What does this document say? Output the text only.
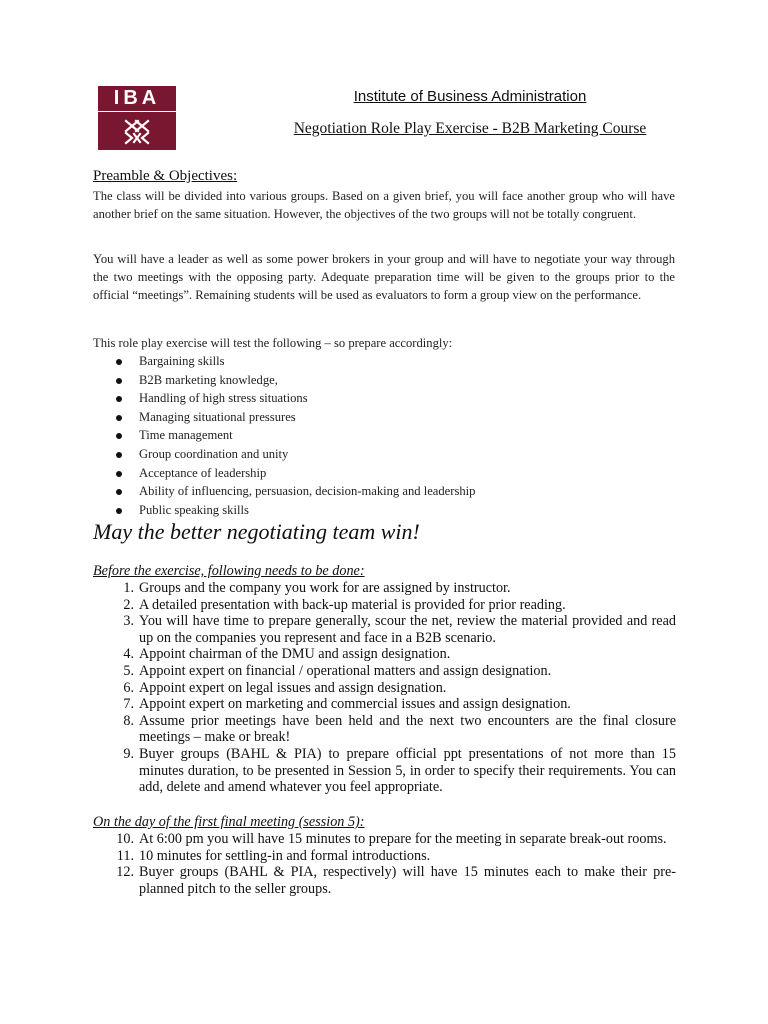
IBA	Institute of Business Administration
Negotiation Role Play Exercise - B2B Marketing Course
Preamble & Objectives:
The class will be divided into various groups. Based on a given brief, you will face another group who will have another brief on the same situation. However, the objectives of the two groups will not be totally congruent.
You will have a leader as well as some power brokers in your group and will have to negotiate your way through the two meetings with the opposing party. Adequate preparation time will be given to the groups prior to the official “meetings”. Remaining students will be used as evaluators to form a group view on the performance.
This role play exercise will test the following – so prepare accordingly:
Bargaining skills
B2B marketing knowledge,
Handling of high stress situations
Managing situational pressures
Time management
Group coordination and unity
Acceptance of leadership
Ability of influencing, persuasion, decision-making and leadership
Public speaking skills
May the better negotiating team win!
Before the exercise, following needs to be done:
1. Groups and the company you work for are assigned by instructor.
2. A detailed presentation with back-up material is provided for prior reading.
3. You will have time to prepare generally, scour the net, review the material provided and read up on the companies you represent and face in a B2B scenario.
4. Appoint chairman of the DMU and assign designation.
5. Appoint expert on financial / operational matters and assign designation.
6. Appoint expert on legal issues and assign designation.
7. Appoint expert on marketing and commercial issues and assign designation.
8. Assume prior meetings have been held and the next two encounters are the final closure meetings – make or break!
9. Buyer groups (BAHL & PIA) to prepare official ppt presentations of not more than 15 minutes duration, to be presented in Session 5, in order to specify their requirements. You can add, delete and amend whatever you feel appropriate.
On the day of the first final meeting (session 5):
10. At 6:00 pm you will have 15 minutes to prepare for the meeting in separate break-out rooms.
11. 10 minutes for settling-in and formal introductions.
12. Buyer groups (BAHL & PIA, respectively) will have 15 minutes each to make their pre-planned pitch to the seller groups.
